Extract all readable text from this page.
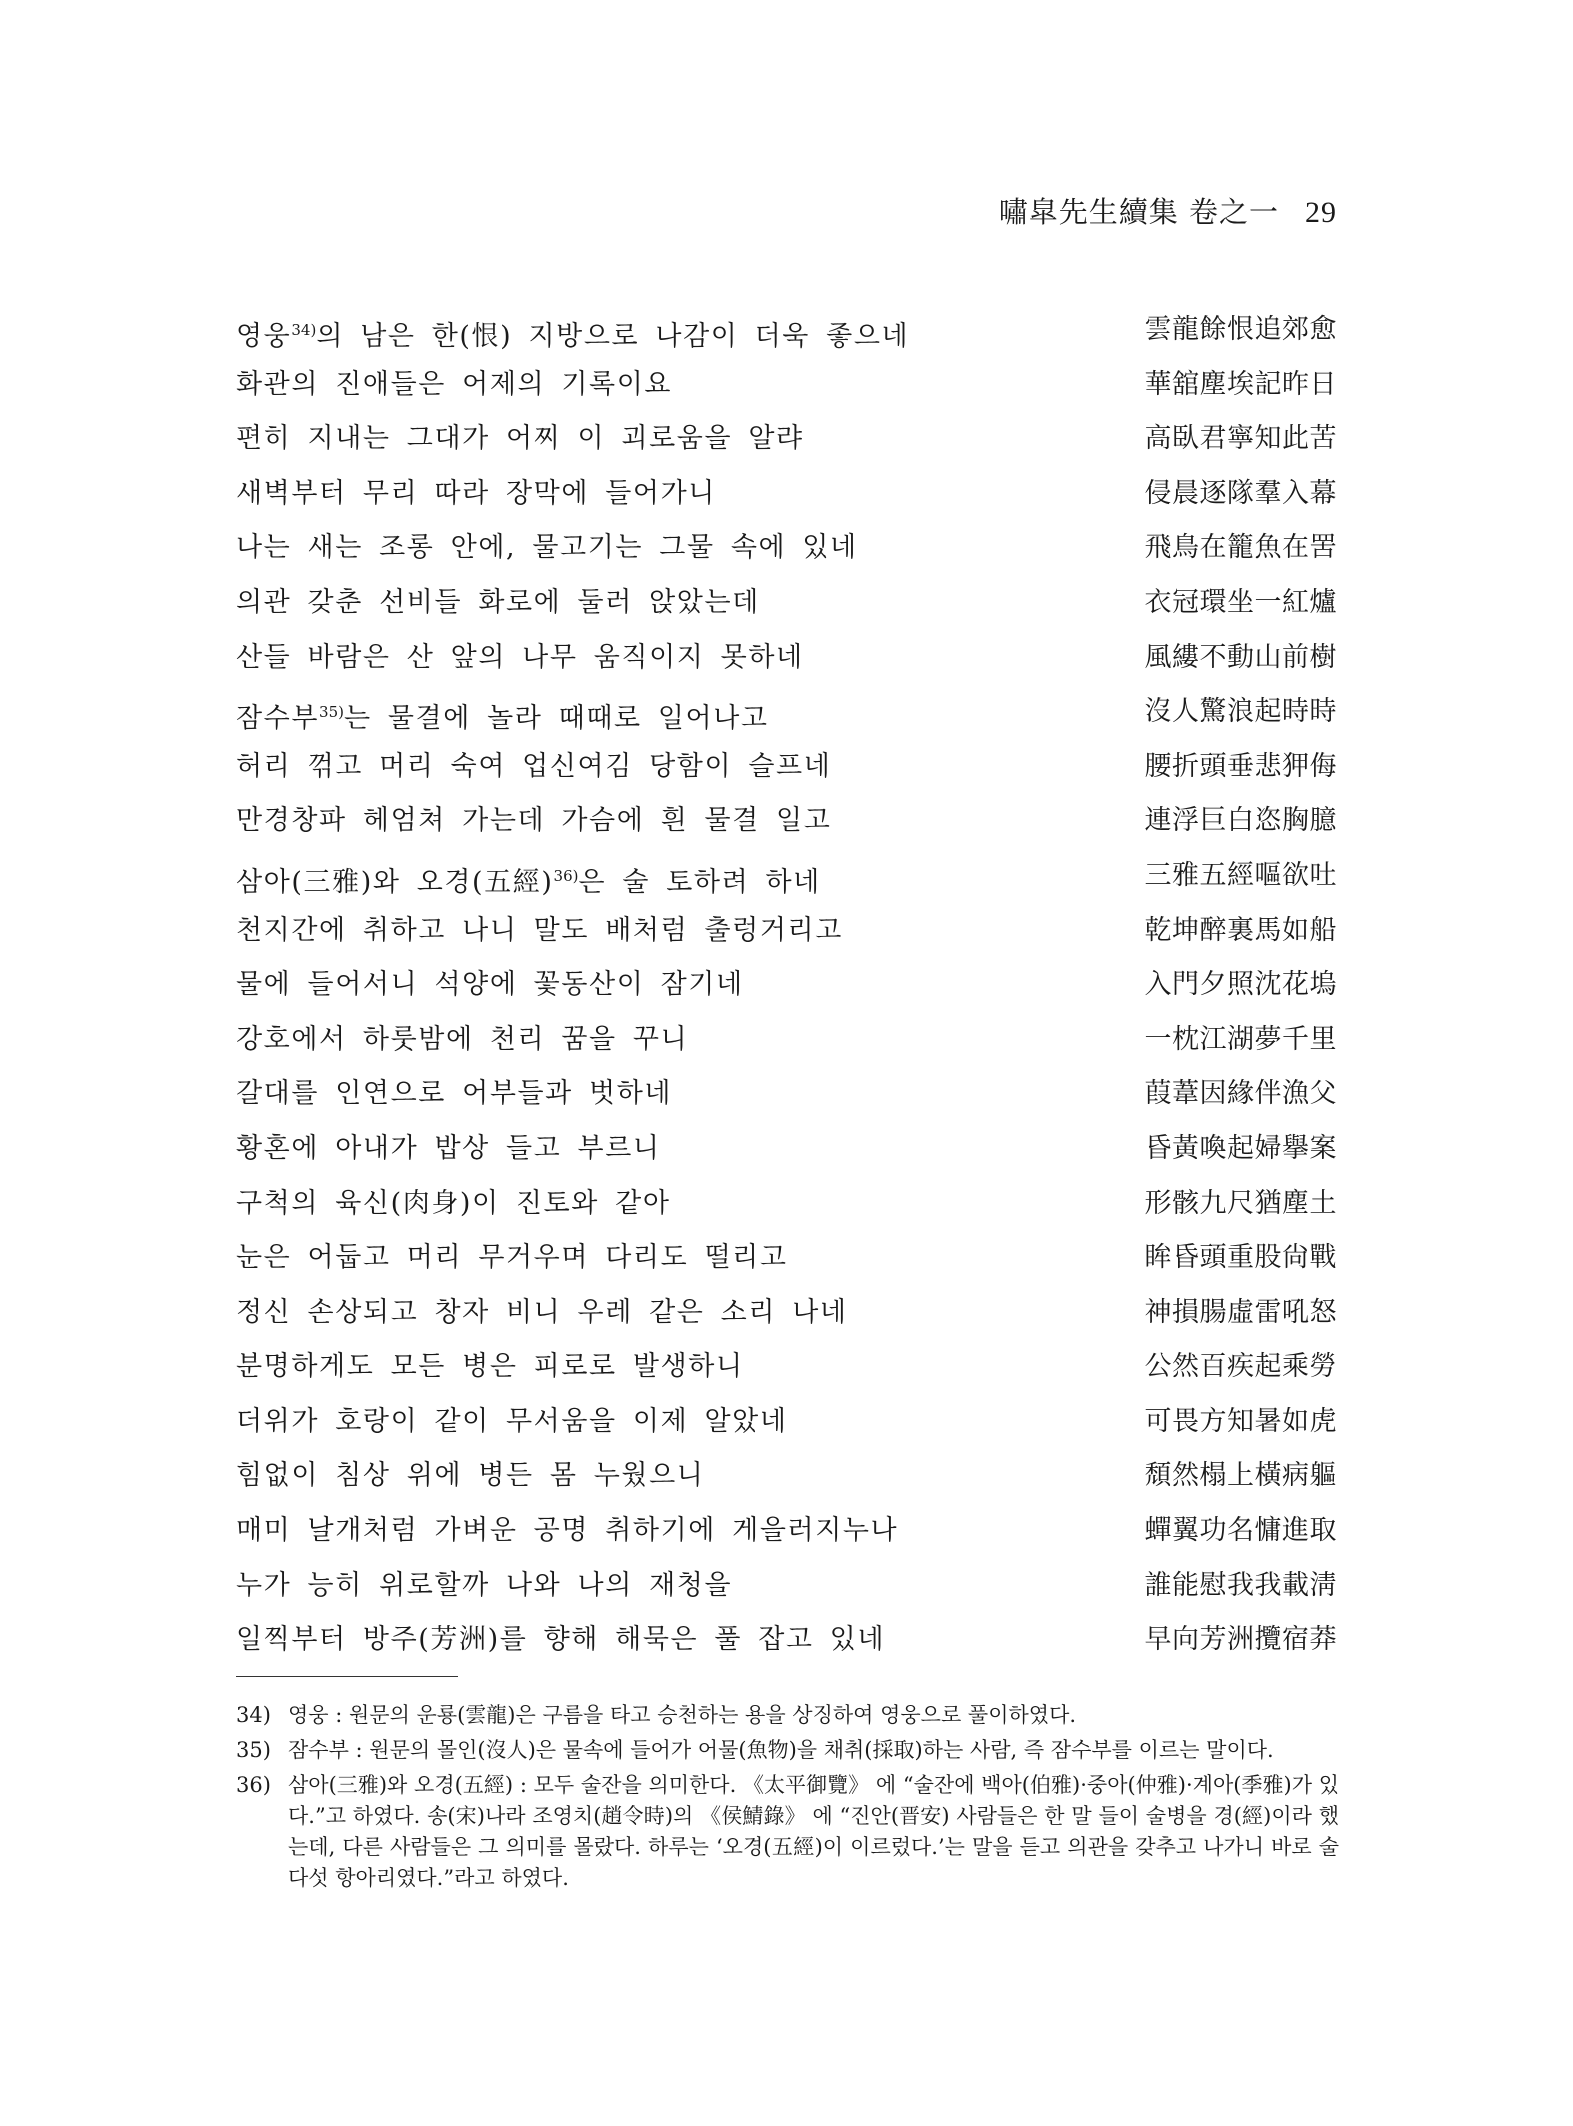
嘯皐先生續集 卷之一 29
영웅$^{34)}$의 남은 한(恨) 지방으로 나감이 더욱 좋으네	雲龍餘恨追郊愈
화관의 진애들은 어제의 기록이요	華舘塵埃記昨日
편히 지내는 그대가 어찌 이 괴로움을 알랴	高臥君寧知此苦
새벽부터 무리 따라 장막에 들어가니	侵晨逐隊羣入幕
나는 새는 조롱 안에, 물고기는 그물 속에 있네	飛鳥在籠魚在罟
의관 갖춘 선비들 화로에 둘러 앉았는데	衣冠環坐一紅爐
산들 바람은 산 앞의 나무 움직이지 못하네	風縷不動山前樹
잠수부$^{35)}$는 물결에 놀라 때때로 일어나고	沒人驚浪起時時
허리 꺾고 머리 숙여 업신여김 당함이 슬프네	腰折頭垂悲狎侮
만경창파 헤엄쳐 가는데 가슴에 흰 물결 일고	連浮巨白恣胸臆
삼아(三雅)와 오경(五經)$^{36)}$은 술 토하려 하네	三雅五經嘔欲吐
천지간에 취하고 나니 말도 배처럼 출렁거리고	乾坤醉裏馬如船
물에 들어서니 석양에 꽃동산이 잠기네	入門夕照沈花塢
강호에서 하룻밤에 천리 꿈을 꾸니	一枕江湖夢千里
갈대를 인연으로 어부들과 벗하네	葭葦因緣伴漁父
황혼에 아내가 밥상 들고 부르니	昏黃喚起婦擧案
구척의 육신(肉身)이 진토와 같아	形骸九尺猶塵土
눈은 어둡고 머리 무거우며 다리도 떨리고	眸昏頭重股尙戰
정신 손상되고 창자 비니 우레 같은 소리 나네	神損腸虛雷吼怒
분명하게도 모든 병은 피로로 발생하니	公然百疾起乘勞
더위가 호랑이 같이 무서움을 이제 알았네	可畏方知暑如虎
힘없이 침상 위에 병든 몸 누웠으니	頹然榻上橫病軀
매미 날개처럼 가벼운 공명 취하기에 게을러지누나	蟬翼功名慵進取
누가 능히 위로할까 나와 나의 재청을	誰能慰我我載淸
일찍부터 방주(芳洲)를 향해 해묵은 풀 잡고 있네	早向芳洲攬宿莽
34) 영웅 : 원문의 운룡(雲龍)은 구름을 타고 승천하는 용을 상징하여 영웅으로 풀이하였다.
35) 잠수부 : 원문의 몰인(沒人)은 물속에 들어가 어물(魚物)을 채취(採取)하는 사람, 즉 잠수부를 이르는 말이다.
36) 삼아(三雅)와 오경(五經) : 모두 술잔을 의미한다. 《太平御覽》 에 “술잔에 백아(伯雅)·중아(仲雅)·계아(季雅)가 있다.”고 하였다. 송(宋)나라 조영치(趙令時)의 《侯鯖錄》 에 “진안(晋安) 사람들은 한 말 들이 술병을 경(經)이라 했는데, 다른 사람들은 그 의미를 몰랐다. 하루는 ‘오경(五經)이 이르렀다.’는 말을 듣고 의관을 갖추고 나가니 바로 술 다섯 항아리였다.”라고 하였다.
